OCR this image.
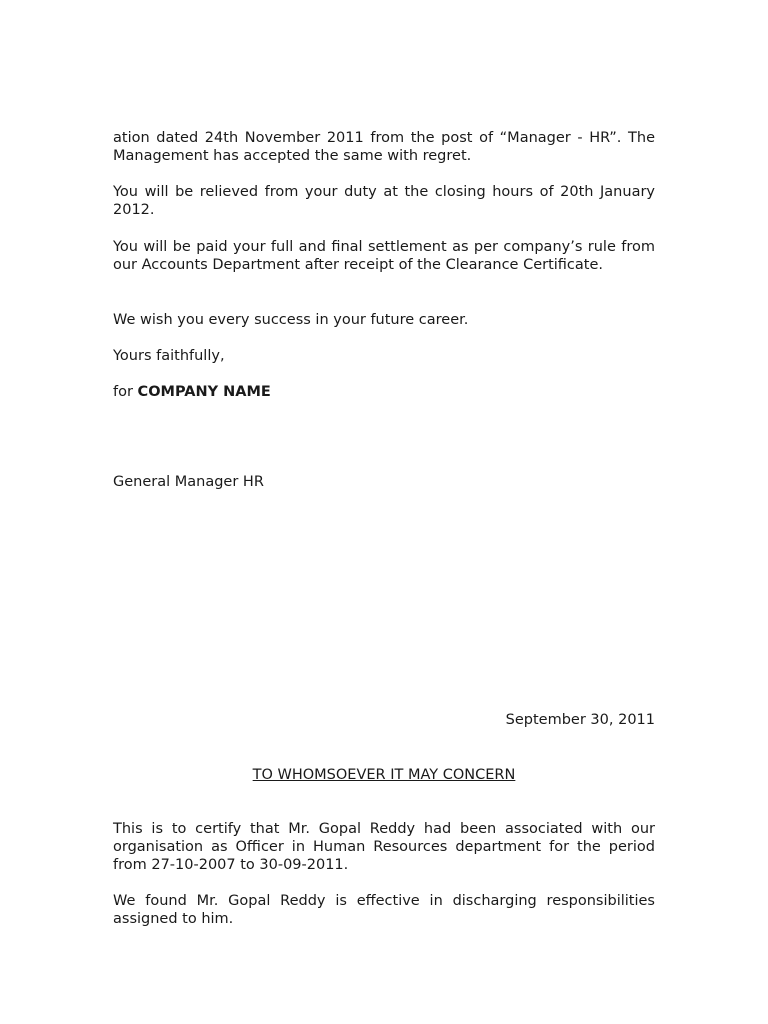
ation dated 24th November 2011 from the post of “Manager - HR”. The Management has accepted the same with regret.

You will be relieved from your duty at the closing hours of 20th January 2012.

You will be paid your full and final settlement as per company’s rule from our Accounts Department after receipt of the Clearance Certificate.

We wish you every success in your future career.

Yours faithfully,

for COMPANY NAME

General Manager HR

September 30, 2011

TO WHOMSOEVER IT MAY CONCERN

This is to certify that Mr. Gopal Reddy had been associated with our organisation as Officer in Human Resources department for the period from 27-10-2007 to 30-09-2011.

We found Mr. Gopal Reddy is effective in discharging responsibilities assigned to him.
